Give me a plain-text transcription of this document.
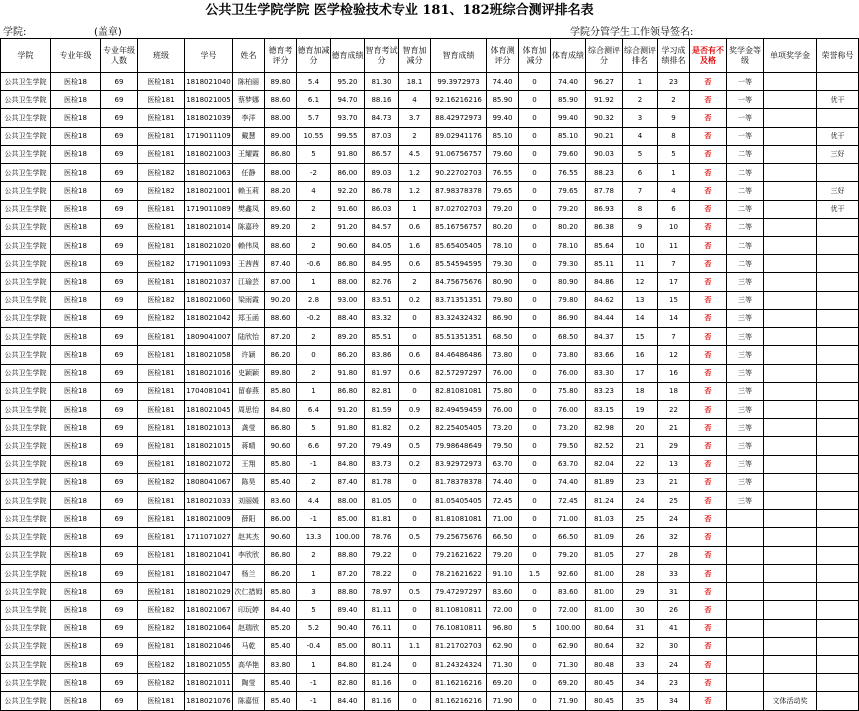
公共卫生学院学院 医学检验技术专业 181、182班综合测评排名表
学院:	(盖章)	学院分管学生工作领导签名:
学院	专业年级	专业年级人数	班级	学号	姓名	德育考评分	德育加减分	德育成绩	智育考试分	智育加减分	智育成绩	体育测评分	体育加减分	体育成绩	综合测评分	综合测评排名	学习成绩排名	是否有不及格	奖学金等级	单项奖学金	荣誉称号
公共卫生学院	医检18	69	医检181	1818021040	陈柏丽	89.80	5.4	95.20	81.30	18.1	99.3972973	74.40	0	74.40	96.27	1	23	否	一等		
公共卫生学院	医检18	69	医检181	1818021005	蔡梦娜	88.60	6.1	94.70	88.16	4	92.16216216	85.90	0	85.90	91.92	2	2	否	一等		优干
公共卫生学院	医检18	69	医检181	1818021039	李洋	88.00	5.7	93.70	84.73	3.7	88.42972973	99.40	0	99.40	90.32	3	9	否	一等		
公共卫生学院	医检18	69	医检181	1719011109	戴慧	89.00	10.55	99.55	87.03	2	89.02941176	85.10	0	85.10	90.21	4	8	否	一等		优干
公共卫生学院	医检18	69	医检181	1818021003	王耀霞	86.80	5	91.80	86.57	4.5	91.06756757	79.60	0	79.60	90.03	5	5	否	二等		三好
公共卫生学院	医检18	69	医检182	1818021063	任静	88.00	-2	86.00	89.03	1.2	90.22702703	76.55	0	76.55	88.23	6	1	否	二等		
公共卫生学院	医检18	69	医检182	1818021001	赖玉莉	88.20	4	92.20	86.78	1.2	87.98378378	79.65	0	79.65	87.78	7	4	否	二等		三好
公共卫生学院	医检18	69	医检181	1719011089	樊鑫凤	89.60	2	91.60	86.03	1	87.02702703	79.20	0	79.20	86.93	8	6	否	二等		优干
公共卫生学院	医检18	69	医检181	1818021014	陈嘉玲	89.20	2	91.20	84.57	0.6	85.16756757	80.20	0	80.20	86.38	9	10	否	二等		
公共卫生学院	医检18	69	医检181	1818021020	赖伟凤	88.60	2	90.60	84.05	1.6	85.65405405	78.10	0	78.10	85.64	10	11	否	二等		
公共卫生学院	医检18	69	医检182	1719011093	王茜茜	87.40	-0.6	86.80	84.95	0.6	85.54594595	79.30	0	79.30	85.11	11	7	否	二等		
公共卫生学院	医检18	69	医检181	1818021037	江瑜芸	87.00	1	88.00	82.76	2	84.75675676	80.90	0	80.90	84.86	12	17	否	三等		
公共卫生学院	医检18	69	医检182	1818021060	梁雨霞	90.20	2.8	93.00	83.51	0.2	83.71351351	79.80	0	79.80	84.62	13	15	否	三等		
公共卫生学院	医检18	69	医检182	1818021042	郑玉函	88.60	-0.2	88.40	83.32	0	83.32432432	86.90	0	86.90	84.44	14	14	否	三等		
公共卫生学院	医检18	69	医检181	1809041007	陆欣怡	87.20	2	89.20	85.51	0	85.51351351	68.50	0	68.50	84.37	15	7	否	三等		
公共卫生学院	医检18	69	医检181	1818021058	许颖	86.20	0	86.20	83.86	0.6	84.46486486	73.80	0	73.80	83.66	16	12	否	三等		
公共卫生学院	医检18	69	医检181	1818021016	史颖颖	89.80	2	91.80	81.97	0.6	82.57297297	76.00	0	76.00	83.30	17	16	否	三等		
公共卫生学院	医检18	69	医检181	1704081041	留春燕	85.80	1	86.80	82.81	0	82.81081081	75.80	0	75.80	83.23	18	18	否	三等		
公共卫生学院	医检18	69	医检181	1818021045	周思怡	84.80	6.4	91.20	81.59	0.9	82.49459459	76.00	0	76.00	83.15	19	22	否	三等		
公共卫生学院	医检18	69	医检181	1818021013	龚莹	86.80	5	91.80	81.82	0.2	82.25405405	73.20	0	73.20	82.98	20	21	否	三等		
公共卫生学院	医检18	69	医检181	1818021015	蒋晴	90.60	6.6	97.20	79.49	0.5	79.98648649	79.50	0	79.50	82.52	21	29	否	三等		
公共卫生学院	医检18	69	医检181	1818021072	王翔	85.80	-1	84.80	83.73	0.2	83.92972973	63.70	0	63.70	82.04	22	13	否	三等		
公共卫生学院	医检18	69	医检182	1808041067	陈昊	85.40	2	87.40	81.78	0	81.78378378	74.40	0	74.40	81.89	23	21	否	三等		
公共卫生学院	医检18	69	医检181	1818021033	刘丽媛	83.60	4.4	88.00	81.05	0	81.05405405	72.45	0	72.45	81.24	24	25	否	三等		
公共卫生学院	医检18	69	医检181	1818021009	薛阳	86.00	-1	85.00	81.81	0	81.81081081	71.00	0	71.00	81.03	25	24	否			
公共卫生学院	医检18	69	医检181	1711071027	赵其杰	90.60	13.3	100.00	78.76	0.5	79.25675676	66.50	0	66.50	81.09	26	32	否			
公共卫生学院	医检18	69	医检181	1818021041	李欣欣	86.80	2	88.80	79.22	0	79.21621622	79.20	0	79.20	81.05	27	28	否			
公共卫生学院	医检18	69	医检181	1818021047	杨兰	86.20	1	87.20	78.22	0	78.21621622	91.10	1.5	92.60	81.00	28	33	否			
公共卫生学院	医检18	69	医检181	1818021029	次仁措姆	85.80	3	88.80	78.97	0.5	79.47297297	83.60	0	83.60	81.00	29	31	否			
公共卫生学院	医检18	69	医检182	1818021067	印玩婷	84.40	5	89.40	81.11	0	81.10810811	72.00	0	72.00	81.00	30	26	否			
公共卫生学院	医检18	69	医检182	1818021064	赵瑞欣	85.20	5.2	90.40	76.11	0	76.10810811	96.80	5	100.00	80.64	31	41	否			
公共卫生学院	医检18	69	医检181	1818021046	马乾	85.40	-0.4	85.00	80.11	1.1	81.21702703	62.90	0	62.90	80.64	32	30	否			
公共卫生学院	医检18	69	医检182	1818021055	高华艳	83.80	1	84.80	81.24	0	81.24324324	71.30	0	71.30	80.48	33	24	否			
公共卫生学院	医检18	69	医检182	1818021011	陶莹	85.40	-1	82.80	81.16	0	81.16216216	69.20	0	69.20	80.45	34	23	否			
公共卫生学院	医检18	69	医检181	1818021076	陈嘉恒	85.40	-1	84.40	81.16	0	81.16216216	71.90	0	71.90	80.45	35	34	否		文体活动奖	
